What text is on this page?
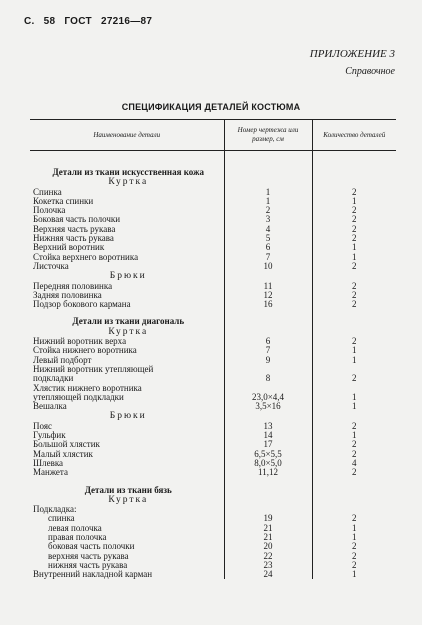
С. 58 ГОСТ 27216—87
ПРИЛОЖЕНИЕ 3
Справочное
СПЕЦИФИКАЦИЯ ДЕТАЛЕЙ КОСТЮМА
Наименование детали	Номер чертежа или размер, см	Количество деталей

Детали из ткани искусственная кожа		
Куртка		
Спинка	1	2
Кокетка спинки	1	1
Полочка	2	2
Боковая часть полочки	3	2
Верхняя часть рукава	4	2
Нижняя часть рукава	5	2
Верхний воротник	6	1
Стойка верхнего воротника	7	1
Листочка	10	2
Брюки		
Передняя половинка	11	2
Задняя половинка	12	2
Подзор бокового кармана	16	2

Детали из ткани диагональ		
Куртка		
Нижний воротник верха	6	2
Стойка нижнего воротника	7	1
Левый подборт	9	1
Нижний воротник утепляющей		
подкладки	8	2
Хлястик нижнего воротника		
утепляющей подкладки	23,0×4,4	1
Вешалка	3,5×16	1
Брюки		
Пояс	13	2
Гульфик	14	1
Большой хлястик	17	2
Малый хлястик	6,5×5,5	2
Шлевка	8,0×5,0	4
Манжета	11,12	2

Детали из ткани бязь		
Куртка		
Подкладка:		
спинка	19	2
левая полочка	21	1
правая полочка	21	1
боковая часть полочки	20	2
верхняя часть рукава	22	2
нижняя часть рукава	23	2
Внутренний накладной карман	24	1
